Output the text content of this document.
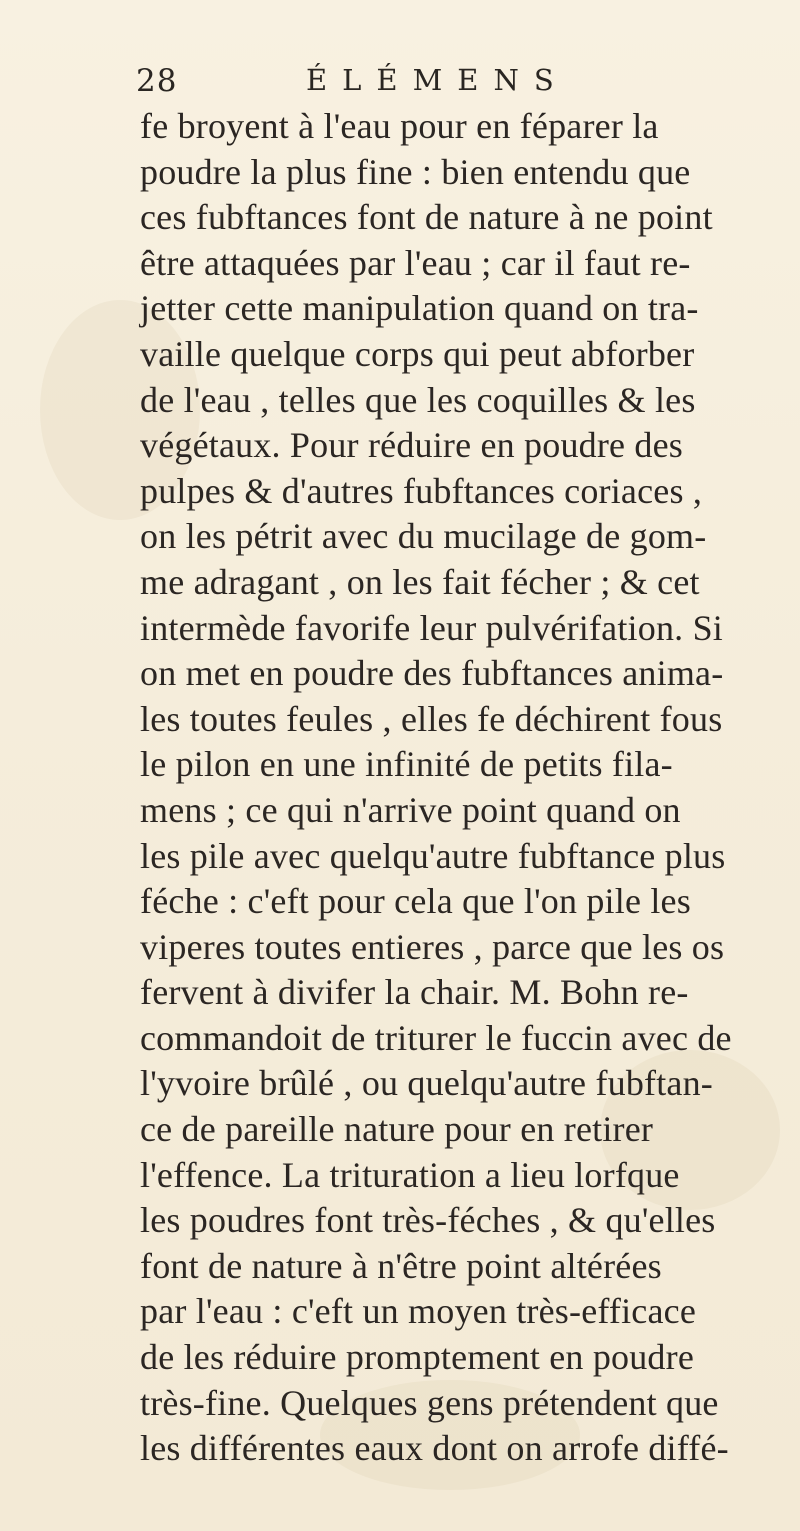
28	ÉLÉMENS
fe broyent à l'eau pour en féparer la
poudre la plus fine : bien entendu que
ces fubftances font de nature à ne point
être attaquées par l'eau ; car il faut re-
jetter cette manipulation quand on tra-
vaille quelque corps qui peut abforber
de l'eau , telles que les coquilles & les
végétaux. Pour réduire en poudre des
pulpes & d'autres fubftances coriaces ,
on les pétrit avec du mucilage de gom-
me adragant , on les fait fécher ; & cet
intermède favorife leur pulvérifation. Si
on met en poudre des fubftances anima-
les toutes feules , elles fe déchirent fous
le pilon en une infinité de petits fila-
mens ; ce qui n'arrive point quand on
les pile avec quelqu'autre fubftance plus
féche : c'eft pour cela que l'on pile les
viperes toutes entieres , parce que les os
fervent à divifer la chair. M. Bohn re-
commandoit de triturer le fuccin avec de
l'yvoire brûlé , ou quelqu'autre fubftan-
ce de pareille nature pour en retirer
l'effence. La trituration a lieu lorfque
les poudres font très-féches , & qu'elles
font de nature à n'être point altérées
par l'eau : c'eft un moyen très-efficace
de les réduire promptement en poudre
très-fine. Quelques gens prétendent que
les différentes eaux dont on arrofe diffé-
